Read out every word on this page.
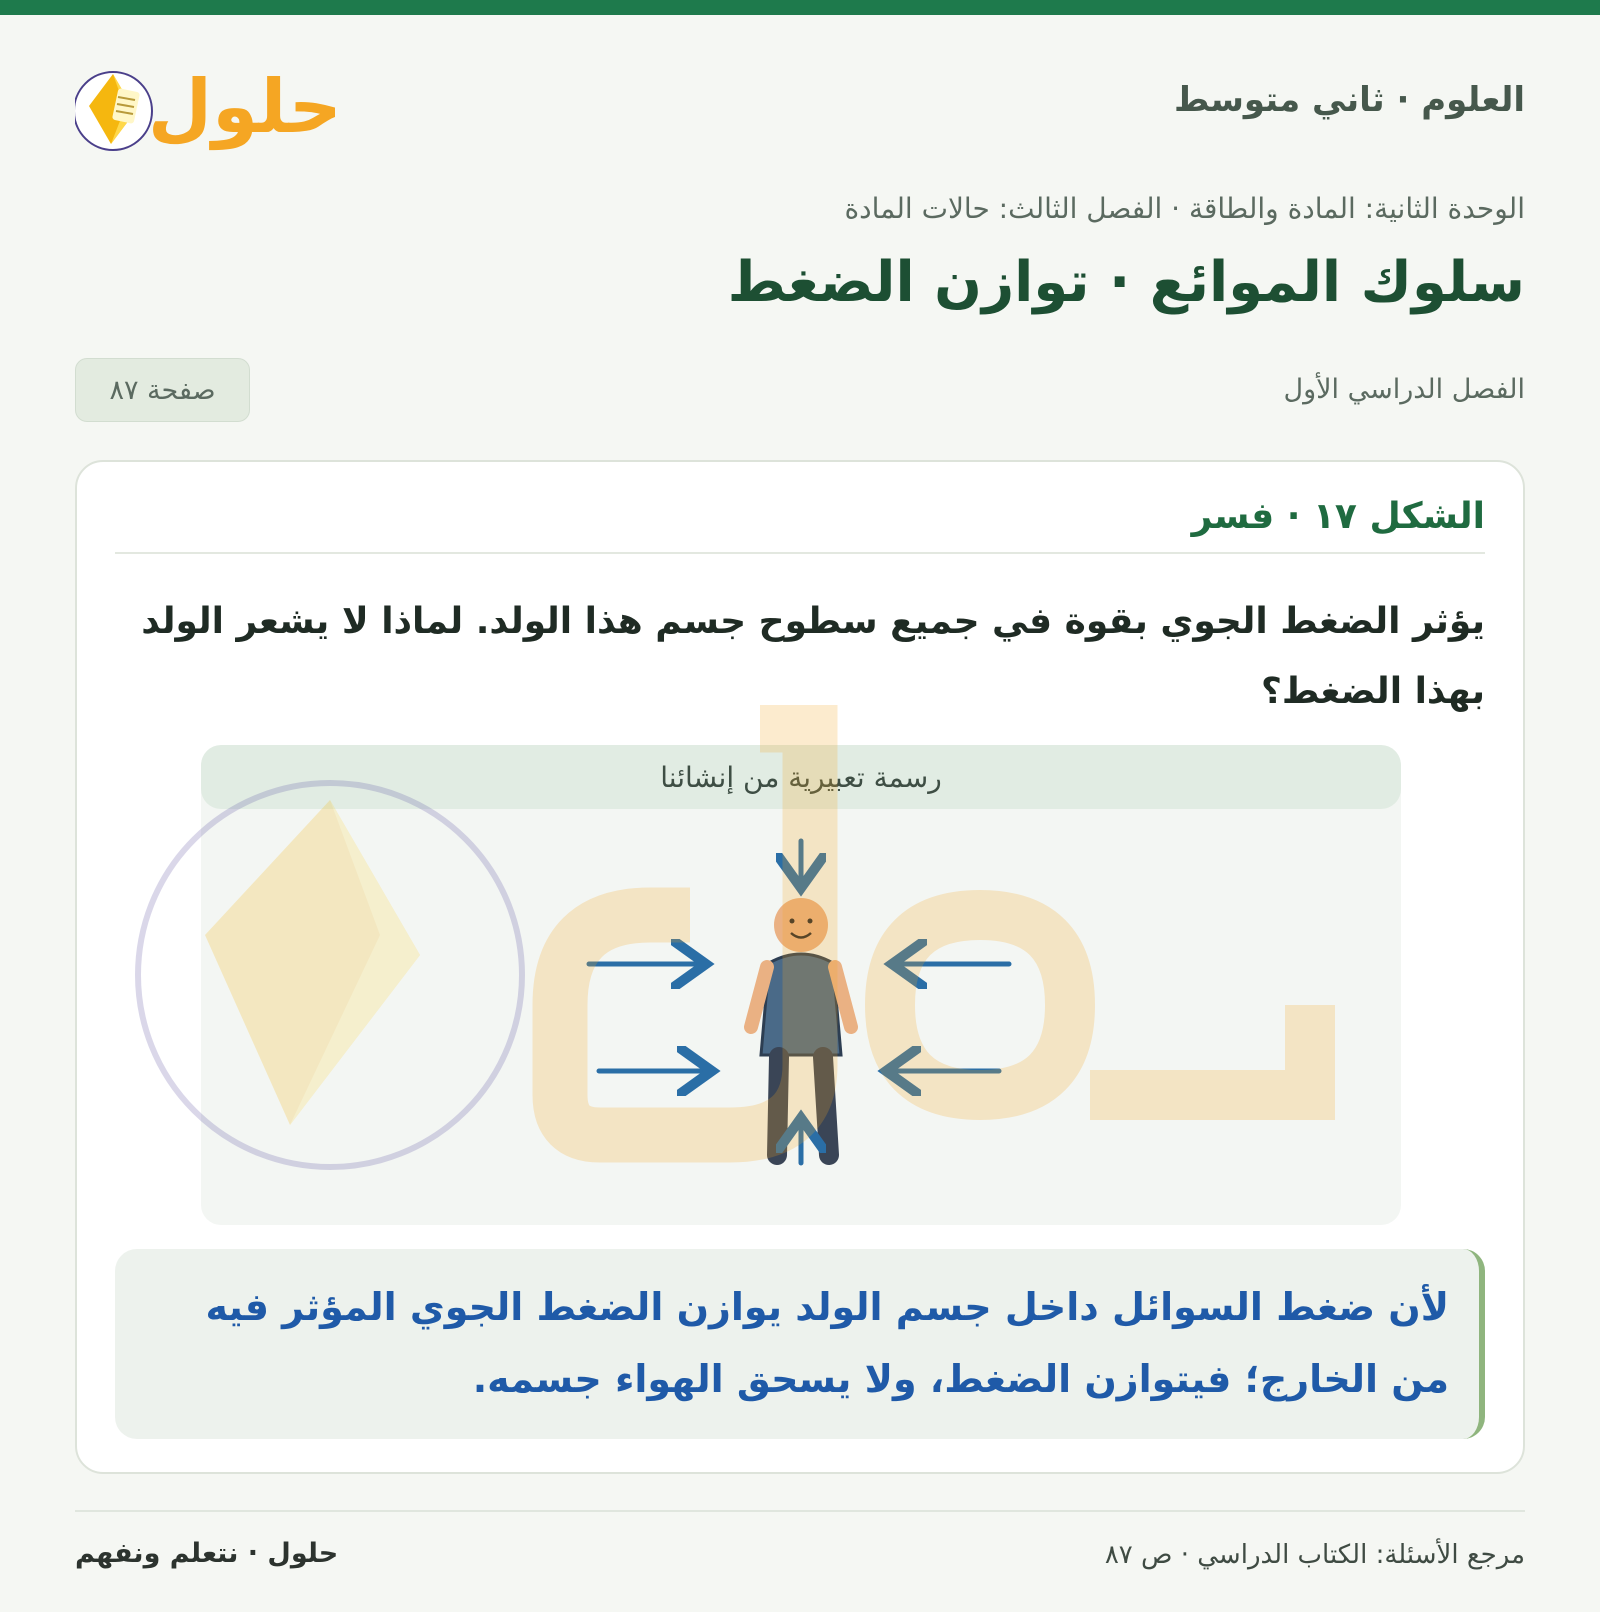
العلوم · ثاني متوسط
حلول
الوحدة الثانية: المادة والطاقة · الفصل الثالث: حالات المادة
سلوك الموائع · توازن الضغط
الفصل الدراسي الأول
صفحة ٨٧
الشكل ١٧ · فسر
يؤثر الضغط الجوي بقوة في جميع سطوح جسم هذا الولد. لماذا لا يشعر الولد بهذا الضغط؟
رسمة تعبيرية من إنشائنا
لأن ضغط السوائل داخل جسم الولد يوازن الضغط الجوي المؤثر فيه من الخارج؛ فيتوازن الضغط، ولا يسحق الهواء جسمه.
مرجع الأسئلة: الكتاب الدراسي · ص ٨٧
حلول · نتعلم ونفهم
